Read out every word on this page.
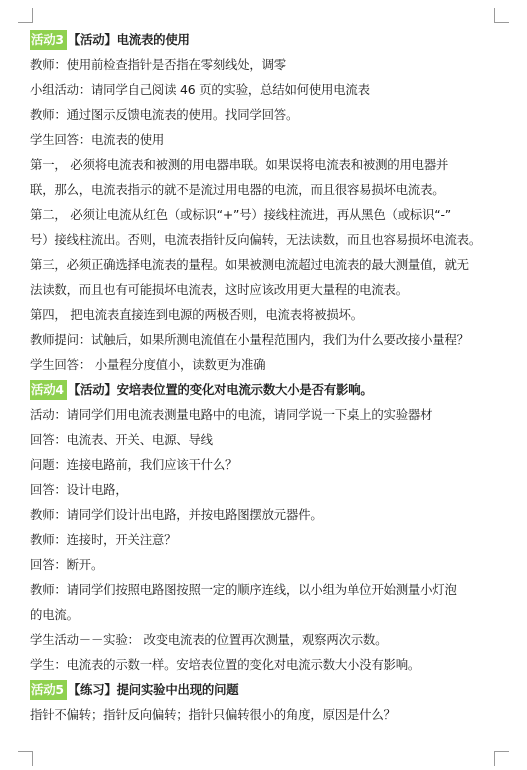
活动3 【活动】电流表的使用
教师：使用前检查指针是否指在零刻线处，调零
小组活动：请同学自己阅读 46 页的实验，总结如何使用电流表
教师：通过图示反馈电流表的使用。找同学回答。
学生回答：电流表的使用
第一， 必须将电流表和被测的用电器串联。如果误将电流表和被测的用电器并
联，那么，电流表指示的就不是流过用电器的电流，而且很容易损坏电流表。
第二， 必须让电流从红色（或标识“+”号）接线柱流进，再从黑色（或标识“-”
号）接线柱流出。否则，电流表指针反向偏转，无法读数，而且也容易损坏电流表。
第三，必须正确选择电流表的量程。如果被测电流超过电流表的最大测量值，就无
法读数，而且也有可能损坏电流表，这时应该改用更大量程的电流表。
第四， 把电流表直接连到电源的两极否则，电流表将被损坏。
教师提问：试触后，如果所测电流值在小量程范围内，我们为什么要改接小量程？
学生回答： 小量程分度值小，读数更为准确
活动4 【活动】安培表位置的变化对电流示数大小是否有影响。
活动：请同学们用电流表测量电路中的电流，请同学说一下桌上的实验器材
回答：电流表、开关、电源、导线
问题：连接电路前，我们应该干什么？
回答：设计电路，
教师：请同学们设计出电路，并按电路图摆放元器件。
教师：连接时，开关注意？
回答：断开。
教师：请同学们按照电路图按照一定的顺序连线，以小组为单位开始测量小灯泡
的电流。
学生活动－－实验： 改变电流表的位置再次测量，观察两次示数。
学生：电流表的示数一样。安培表位置的变化对电流示数大小没有影响。
活动5 【练习】提问实验中出现的问题
指针不偏转；指针反向偏转；指针只偏转很小的角度，原因是什么？
